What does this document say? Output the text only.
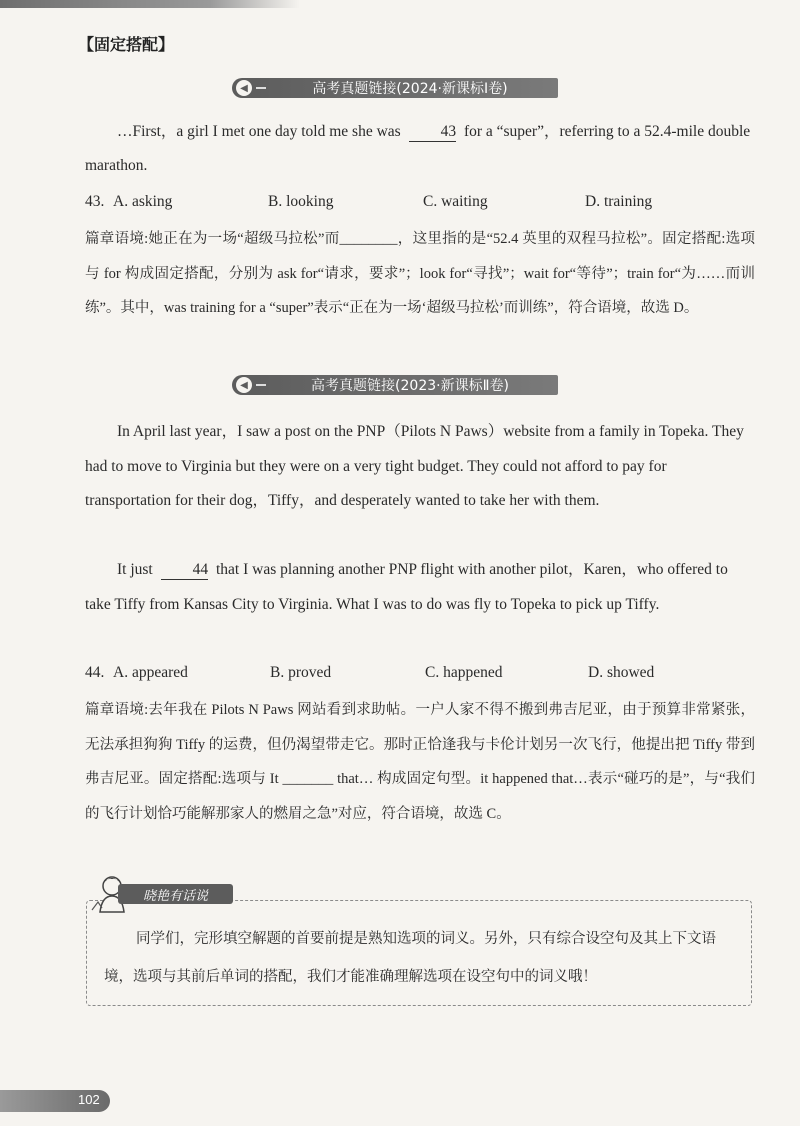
【固定搭配】
◀	高考真题链接(2024·新课标Ⅰ卷)
…First，a girl I met one day told me she was	43 for a “super”，referring to a 52.4-mile double marathon.
43. A. asking	B. looking	C. waiting	D. training
篇章语境:她正在为一场“超级马拉松”而________，这里指的是“52.4 英里的双程马拉松”。固定搭配:选项与 for 构成固定搭配，分别为 ask for“请求，要求”；look for“寻找”；wait for“等待”；train for“为……而训练”。其中，was training for a “super”表示“正在为一场‘超级马拉松’而训练”，符合语境，故选 D。
◀	高考真题链接(2023·新课标Ⅱ卷)
In April last year，I saw a post on the PNP（Pilots N Paws）website from a family in Topeka. They had to move to Virginia but they were on a very tight budget. They could not afford to pay for transportation for their dog，Tiffy，and desperately wanted to take her with them.
It just	44 that I was planning another PNP flight with another pilot，Karen，who offered to take Tiffy from Kansas City to Virginia. What I was to do was fly to Topeka to pick up Tiffy.
44. A. appeared	B. proved	C. happened	D. showed
篇章语境:去年我在 Pilots N Paws 网站看到求助帖。一户人家不得不搬到弗吉尼亚，由于预算非常紧张，无法承担狗狗 Tiffy 的运费，但仍渴望带走它。那时正恰逢我与卡伦计划另一次飞行，他提出把 Tiffy 带到弗吉尼亚。固定搭配:选项与 It _______ that… 构成固定句型。it happened that…表示“碰巧的是”，与“我们的飞行计划恰巧能解那家人的燃眉之急”对应，符合语境，故选 C。
晓艳有话说
同学们，完形填空解题的首要前提是熟知选项的词义。另外，只有综合设空句及其上下文语境，选项与其前后单词的搭配，我们才能准确理解选项在设空句中的词义哦！
102
